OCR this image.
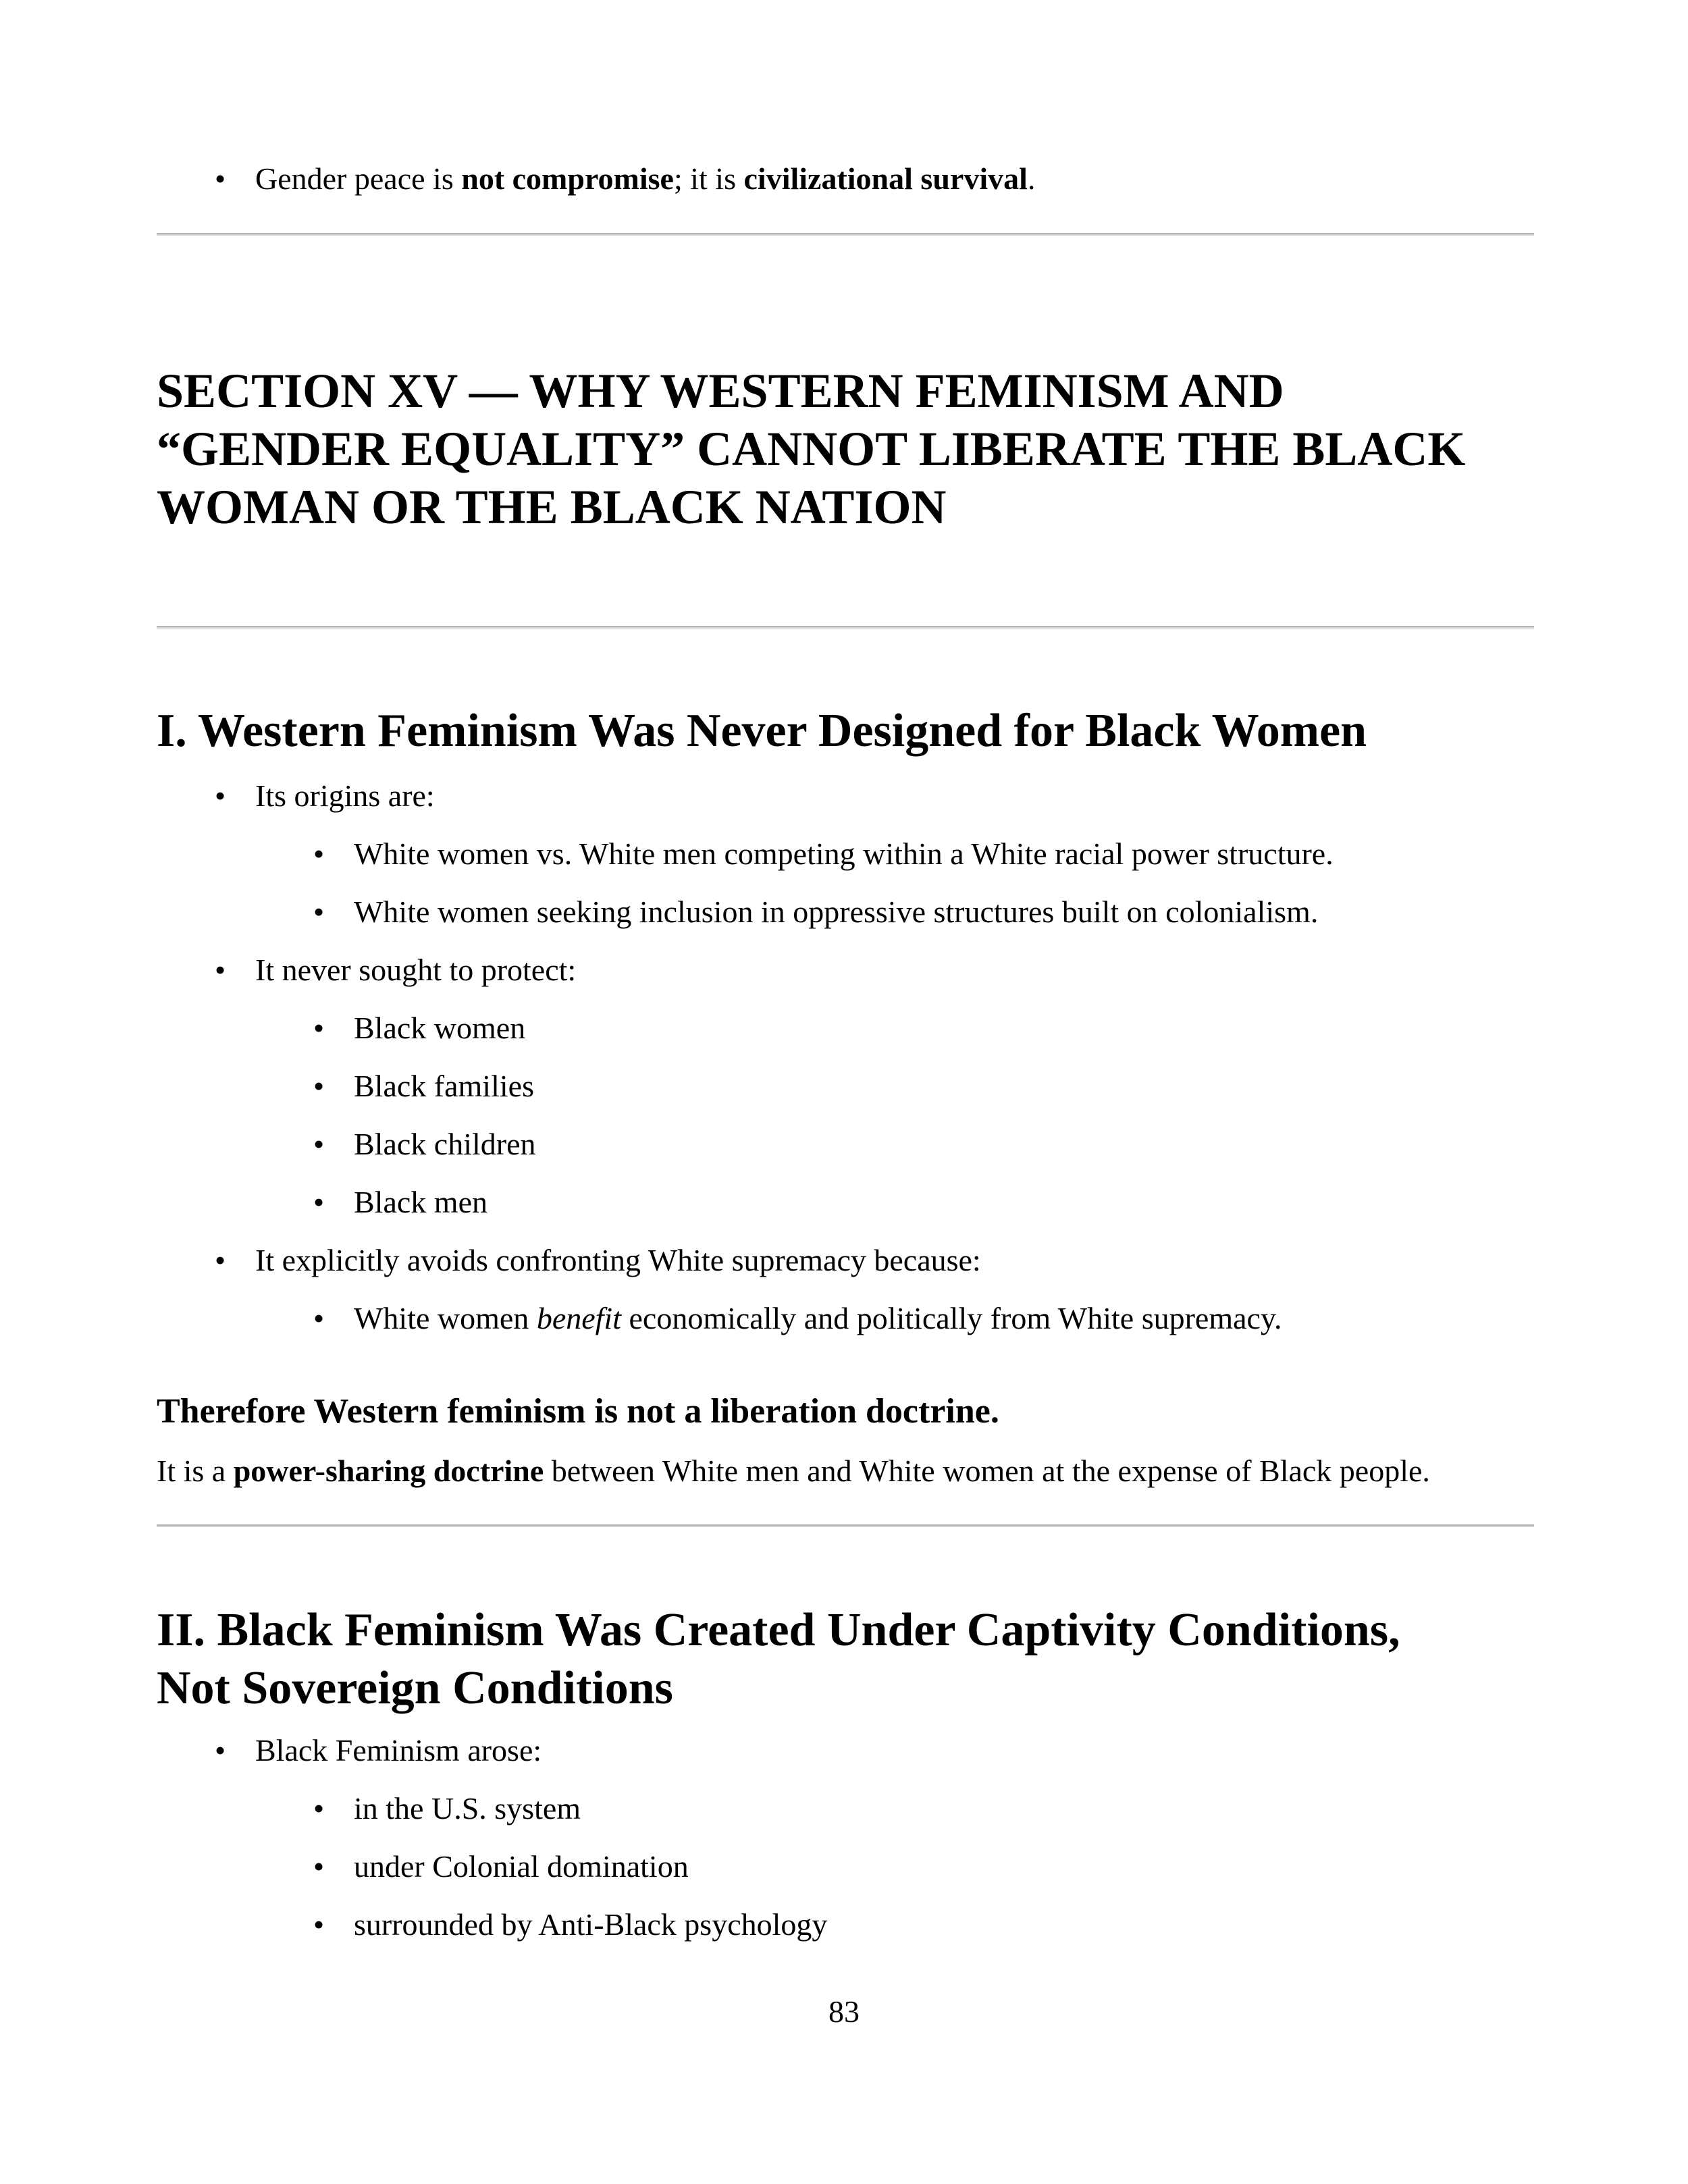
• Gender peace is not compromise; it is civilizational survival.

SECTION XV — WHY WESTERN FEMINISM AND
“GENDER EQUALITY” CANNOT LIBERATE THE BLACK
WOMAN OR THE BLACK NATION
I. Western Feminism Was Never Designed for Black Women
• Its origins are:

• White women vs. White men competing within a White racial power structure.

• White women seeking inclusion in oppressive structures built on colonialism.

• It never sought to protect:

• Black women

• Black families

• Black children

• Black men

• It explicitly avoids confronting White supremacy because:

• White women benefit economically and politically from White supremacy.

Therefore Western feminism is not a liberation doctrine.

It is a power-sharing doctrine between White men and White women at the expense of Black people.

II. Black Feminism Was Created Under Captivity Conditions,
Not Sovereign Conditions
• Black Feminism arose:

• in the U.S. system

• under Colonial domination

• surrounded by Anti-Black psychology

83
